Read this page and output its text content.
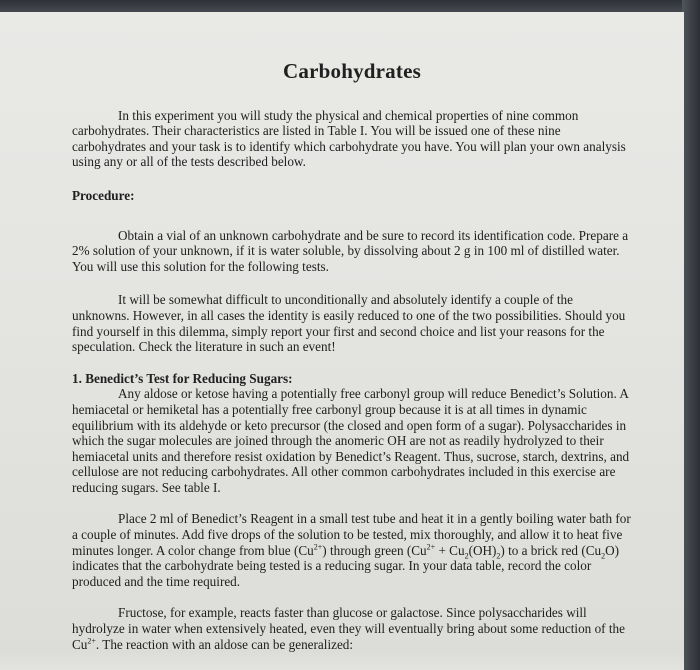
Carbohydrates

In this experiment you will study the physical and chemical properties of nine common carbohydrates. Their characteristics are listed in Table I. You will be issued one of these nine carbohydrates and your task is to identify which carbohydrate you have. You will plan your own analysis using any or all of the tests described below.

Procedure:

Obtain a vial of an unknown carbohydrate and be sure to record its identification code. Prepare a 2% solution of your unknown, if it is water soluble, by dissolving about 2 g in 100 ml of distilled water. You will use this solution for the following tests.

It will be somewhat difficult to unconditionally and absolutely identify a couple of the unknowns. However, in all cases the identity is easily reduced to one of the two possibilities. Should you find yourself in this dilemma, simply report your first and second choice and list your reasons for the speculation. Check the literature in such an event!

1. Benedict’s Test for Reducing Sugars:

Any aldose or ketose having a potentially free carbonyl group will reduce Benedict’s Solution. A hemiacetal or hemiketal has a potentially free carbonyl group because it is at all times in dynamic equilibrium with its aldehyde or keto precursor (the closed and open form of a sugar). Polysaccharides in which the sugar molecules are joined through the anomeric OH are not as readily hydrolyzed to their hemiacetal units and therefore resist oxidation by Benedict’s Reagent. Thus, sucrose, starch, dextrins, and cellulose are not reducing carbohydrates. All other common carbohydrates included in this exercise are reducing sugars. See table I.

Place 2 ml of Benedict’s Reagent in a small test tube and heat it in a gently boiling water bath for a couple of minutes. Add five drops of the solution to be tested, mix thoroughly, and allow it to heat five minutes longer. A color change from blue $(Cu^{2+})$ through green $(Cu^{2+} + Cu_2(OH)_2)$ to a brick red $(Cu_2O)$ indicates that the carbohydrate being tested is a reducing sugar. In your data table, record the color produced and the time required.

Fructose, for example, reacts faster than glucose or galactose. Since polysaccharides will hydrolyze in water when extensively heated, even they will eventually bring about some reduction of the $Cu^{2+}$. The reaction with an aldose can be generalized:
